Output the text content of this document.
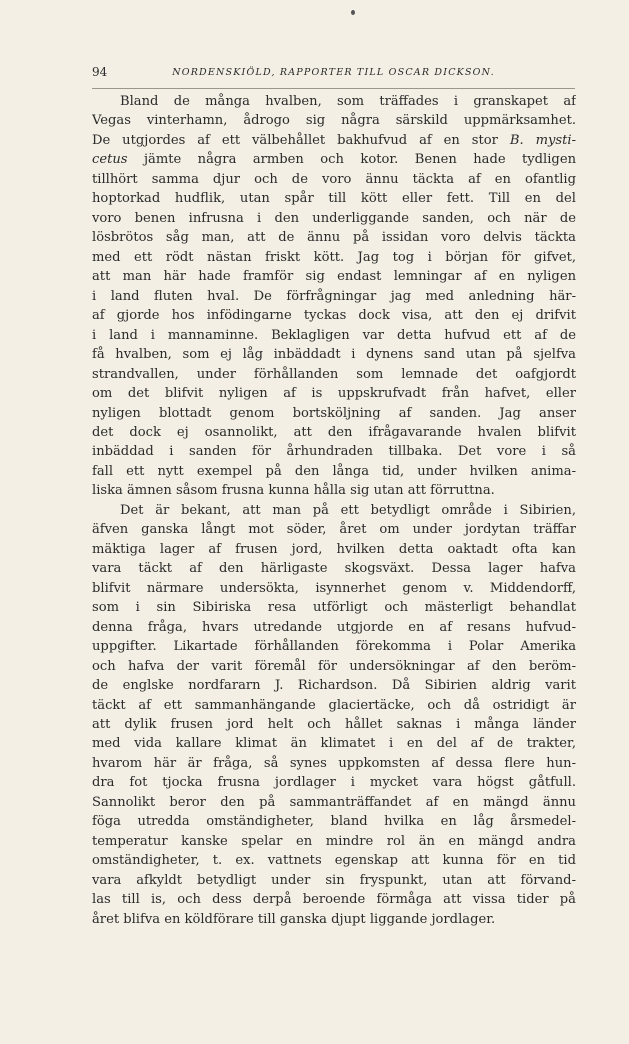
94	NORDENSKIÖLD, RAPPORTER TILL OSCAR DICKSON.
Bland de många hvalben, som träffades i granskapet af
Vegas vinterhamn, ådrogo sig några särskild uppmärksamhet.
De utgjordes af ett välbehållet bakhufvud af en stor B. mysti-
cetus jämte några armben och kotor. Benen hade tydligen
tillhört samma djur och de voro ännu täckta af en ofantlig
hoptorkad hudflik, utan spår till kött eller fett. Till en del
voro benen infrusna i den underliggande sanden, och när de
lösbrötos såg man, att de ännu på issidan voro delvis täckta
med ett rödt nästan friskt kött. Jag tog i början för gifvet,
att man här hade framför sig endast lemningar af en nyligen
i land fluten hval. De förfrågningar jag med anledning här-
af gjorde hos infödingarne tyckas dock visa, att den ej drifvit
i land i mannaminne. Beklagligen var detta hufvud ett af de
få hvalben, som ej låg inbäddadt i dynens sand utan på sjelfva
strandvallen, under förhållanden som lemnade det oafgjordt
om det blifvit nyligen af is uppskrufvadt från hafvet, eller
nyligen blottadt genom bortsköljning af sanden. Jag anser
det dock ej osannolikt, att den ifrågavarande hvalen blifvit
inbäddad i sanden för århundraden tillbaka. Det vore i så
fall ett nytt exempel på den långa tid, under hvilken anima-
liska ämnen såsom frusna kunna hålla sig utan att förruttna.
Det är bekant, att man på ett betydligt område i Sibirien,
äfven ganska långt mot söder, året om under jordytan träffar
mäktiga lager af frusen jord, hvilken detta oaktadt ofta kan
vara täckt af den härligaste skogsväxt. Dessa lager hafva
blifvit närmare undersökta, isynnerhet genom v. Middendorff,
som i sin Sibiriska resa utförligt och mästerligt behandlat
denna fråga, hvars utredande utgjorde en af resans hufvud-
uppgifter. Likartade förhållanden förekomma i Polar Amerika
och hafva der varit föremål för undersökningar af den beröm-
de englske nordfararn J. Richardson. Då Sibirien aldrig varit
täckt af ett sammanhängande glaciertäcke, och då ostridigt är
att dylik frusen jord helt och hållet saknas i många länder
med vida kallare klimat än klimatet i en del af de trakter,
hvarom här är fråga, så synes uppkomsten af dessa flere hun-
dra fot tjocka frusna jordlager i mycket vara högst gåtfull.
Sannolikt beror den på sammanträffandet af en mängd ännu
föga utredda omständigheter, bland hvilka en låg årsmedel-
temperatur kanske spelar en mindre rol än en mängd andra
omständigheter, t. ex. vattnets egenskap att kunna för en tid
vara afkyldt betydligt under sin fryspunkt, utan att förvand-
las till is, och dess derpå beroende förmåga att vissa tider på
året blifva en köldförare till ganska djupt liggande jordlager.
